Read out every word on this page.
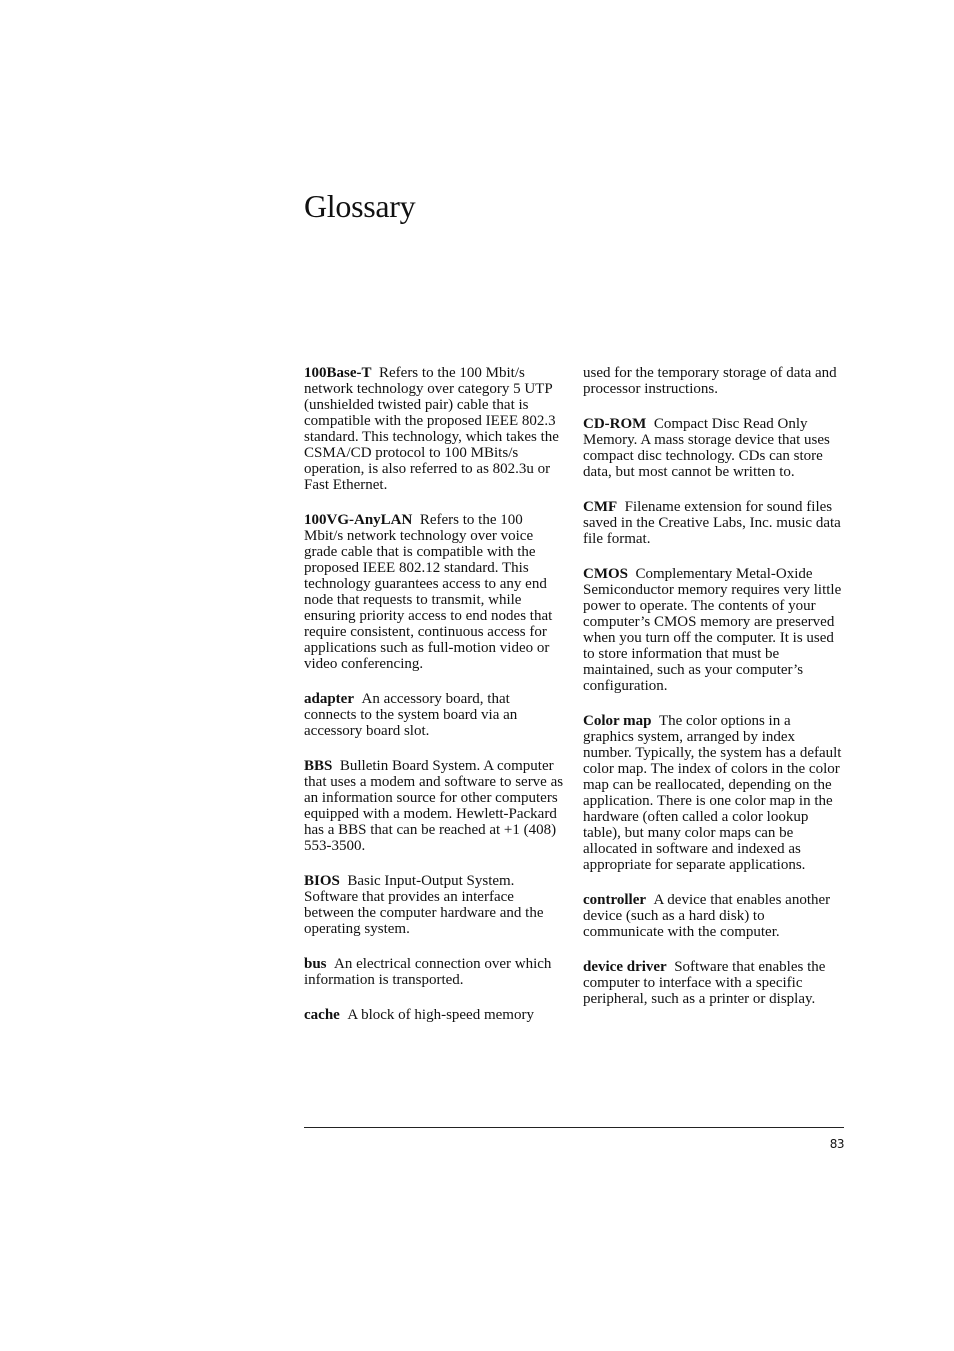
Glossary

100Base-T Refers to the 100 Mbit/s network technology over category 5 UTP (unshielded twisted pair) cable that is compatible with the proposed IEEE 802.3 standard. This technology, which takes the CSMA/CD protocol to 100 MBits/s operation, is also referred to as 802.3u or Fast Ethernet.

100VG-AnyLAN Refers to the 100 Mbit/s network technology over voice grade cable that is compatible with the proposed IEEE 802.12 standard. This technology guarantees access to any end node that requests to transmit, while ensuring priority access to end nodes that require consistent, continuous access for applications such as full-motion video or video conferencing.

adapter An accessory board, that connects to the system board via an accessory board slot.

BBS Bulletin Board System. A computer that uses a modem and software to serve as an information source for other computers equipped with a modem. Hewlett-Packard has a BBS that can be reached at +1 (408) 553-3500.

BIOS Basic Input-Output System. Software that provides an interface between the computer hardware and the operating system.

bus An electrical connection over which information is transported.

cache A block of high-speed memory

used for the temporary storage of data and processor instructions.

CD-ROM Compact Disc Read Only Memory. A mass storage device that uses compact disc technology. CDs can store data, but most cannot be written to.

CMF Filename extension for sound files saved in the Creative Labs, Inc. music data file format.

CMOS Complementary Metal-Oxide Semiconductor memory requires very little power to operate. The contents of your computer’s CMOS memory are preserved when you turn off the computer. It is used to store information that must be maintained, such as your computer’s configuration.

Color map The color options in a graphics system, arranged by index number. Typically, the system has a default color map. The index of colors in the color map can be reallocated, depending on the application. There is one color map in the hardware (often called a color lookup table), but many color maps can be allocated in software and indexed as appropriate for separate applications.

controller A device that enables another device (such as a hard disk) to communicate with the computer.

device driver Software that enables the computer to interface with a specific peripheral, such as a printer or display.

83
